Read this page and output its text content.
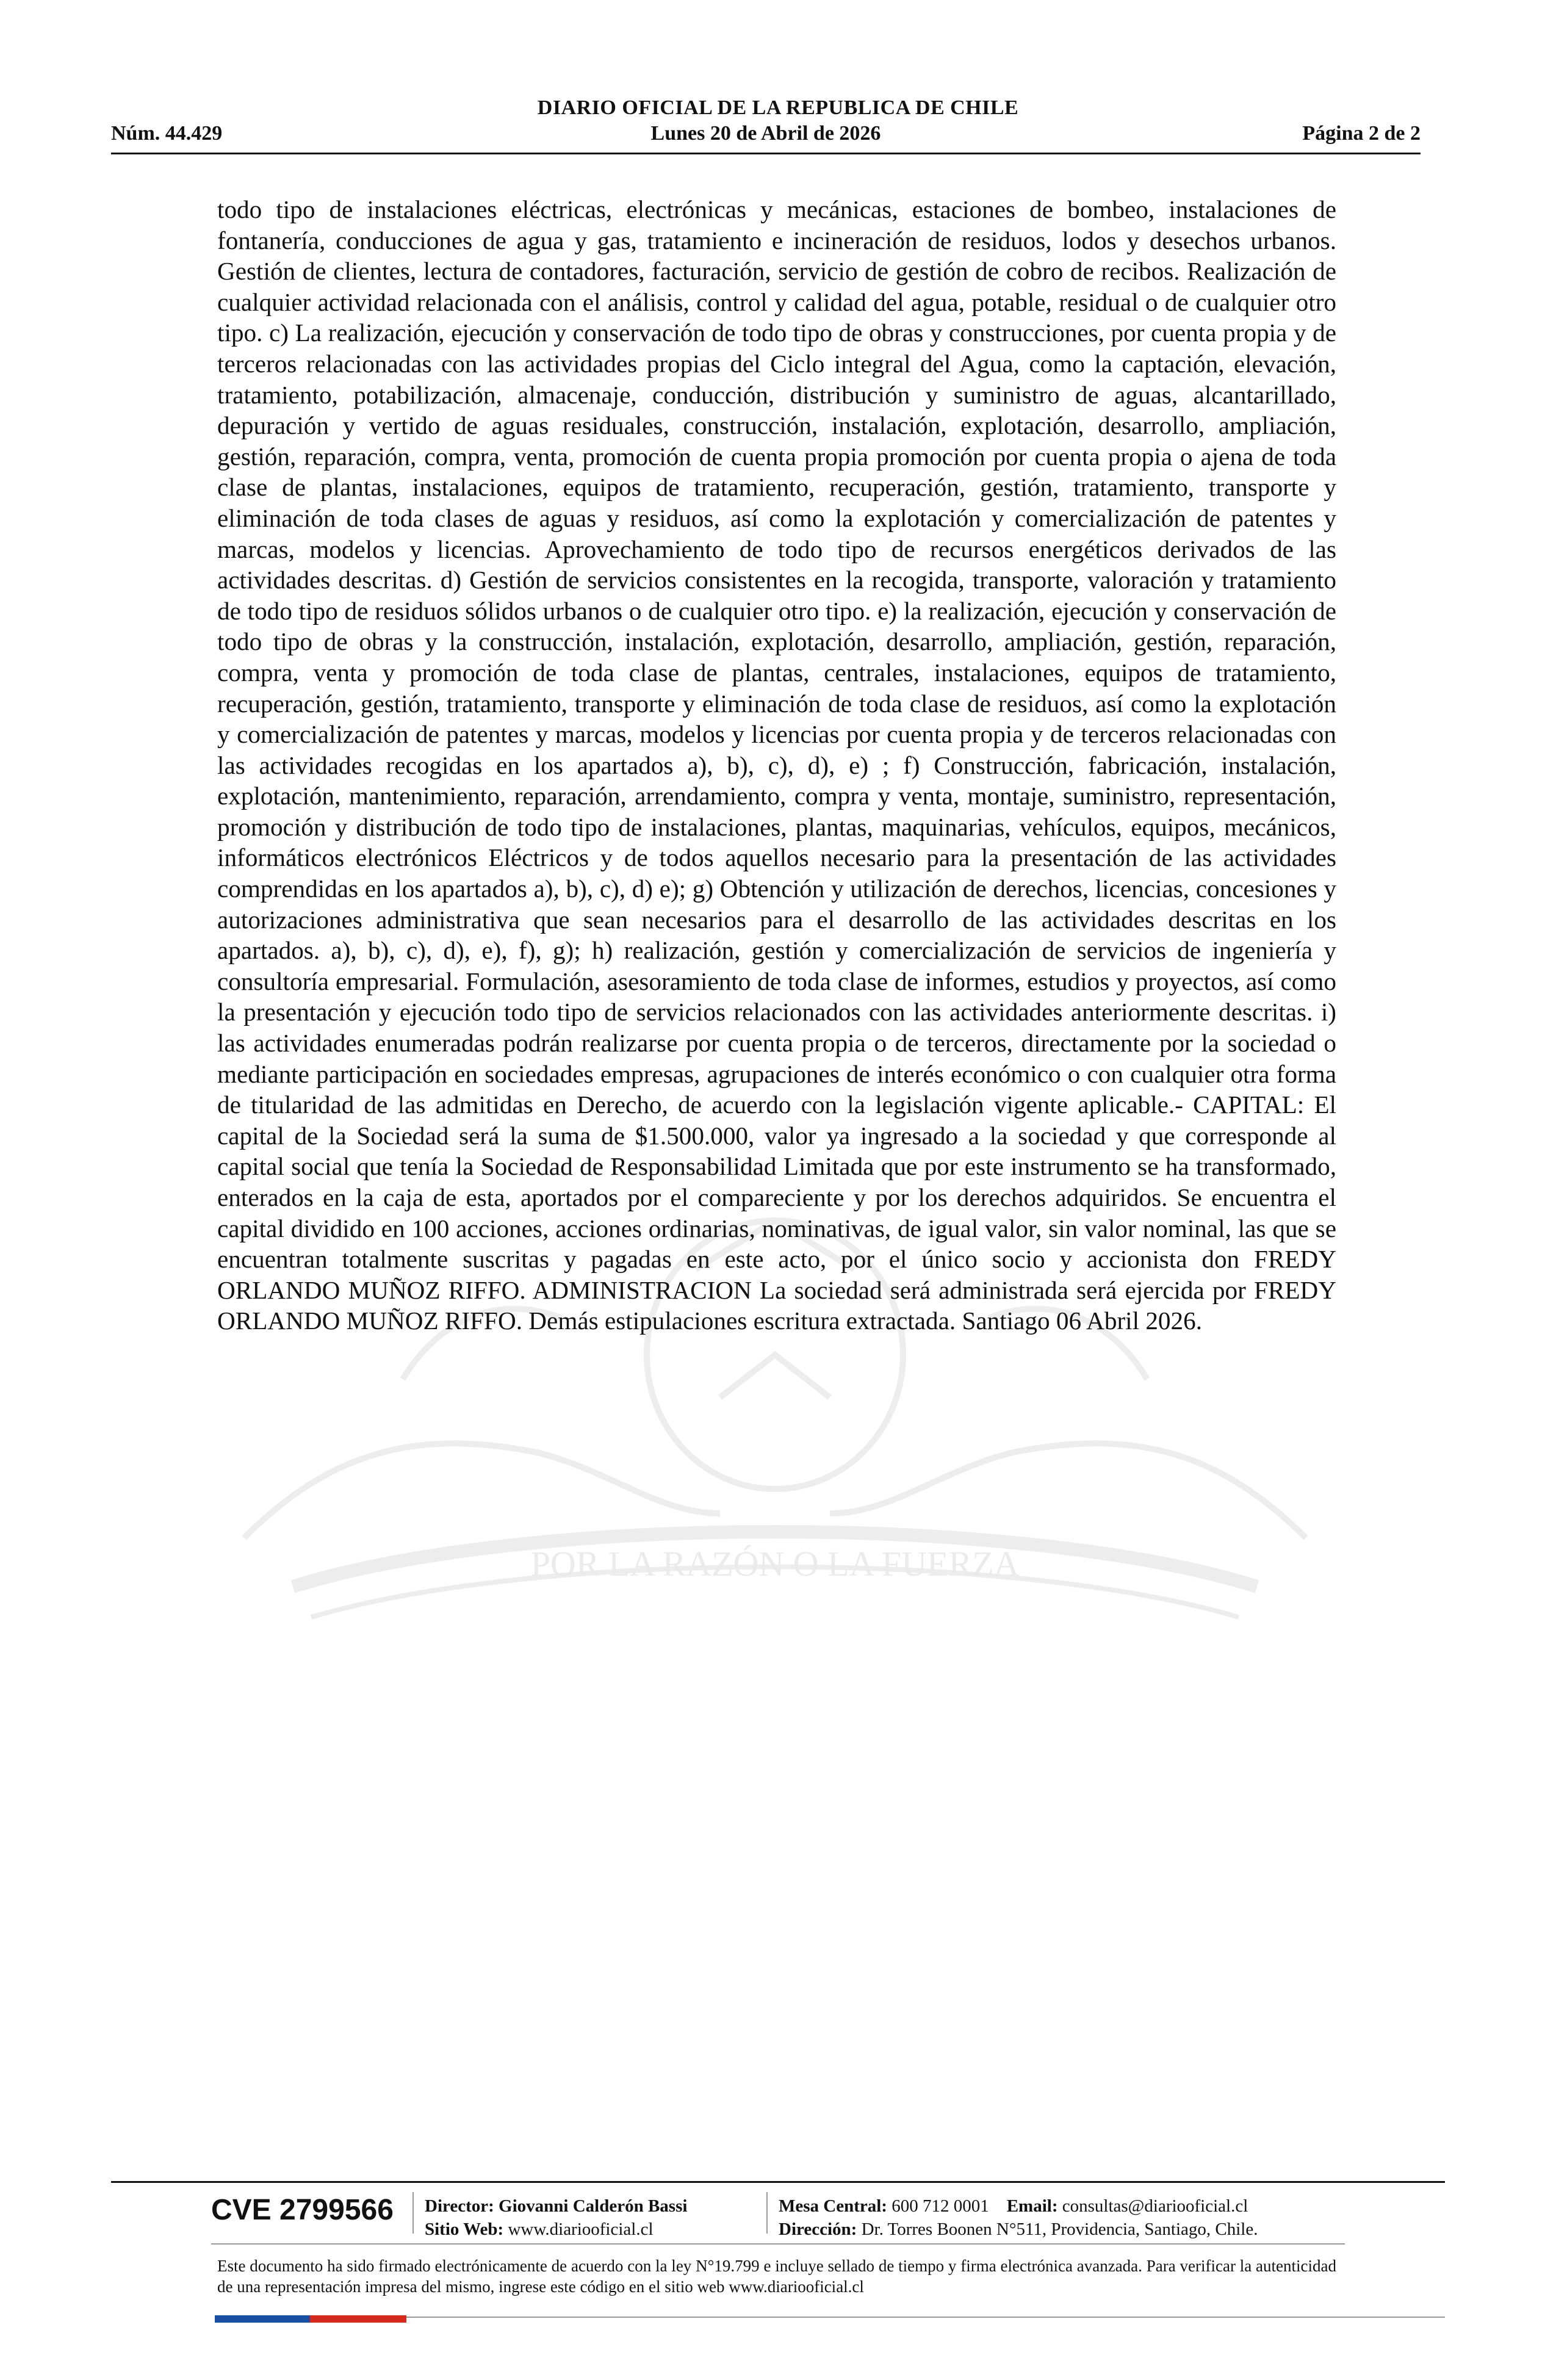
DIARIO OFICIAL DE LA REPUBLICA DE CHILE
Núm. 44.429	Lunes 20 de Abril de 2026	Página 2 de 2
POR LA RAZÓN O LA FUERZA
todo tipo de instalaciones eléctricas, electrónicas y mecánicas, estaciones de bombeo, instalaciones de fontanería, conducciones de agua y gas, tratamiento e incineración de residuos, lodos y desechos urbanos. Gestión de clientes, lectura de contadores, facturación, servicio de gestión de cobro de recibos. Realización de cualquier actividad relacionada con el análisis, control y calidad del agua, potable, residual o de cualquier otro tipo. c) La realización, ejecución y conservación de todo tipo de obras y construcciones, por cuenta propia y de terceros relacionadas con las actividades propias del Ciclo integral del Agua, como la captación, elevación, tratamiento, potabilización, almacenaje, conducción, distribución y suministro de aguas, alcantarillado, depuración y vertido de aguas residuales, construcción, instalación, explotación, desarrollo, ampliación, gestión, reparación, compra, venta, promoción de cuenta propia promoción por cuenta propia o ajena de toda clase de plantas, instalaciones, equipos de tratamiento, recuperación, gestión, tratamiento, transporte y eliminación de toda clases de aguas y residuos, así como la explotación y comercialización de patentes y marcas, modelos y licencias. Aprovechamiento de todo tipo de recursos energéticos derivados de las actividades descritas. d) Gestión de servicios consistentes en la recogida, transporte, valoración y tratamiento de todo tipo de residuos sólidos urbanos o de cualquier otro tipo. e) la realización, ejecución y conservación de todo tipo de obras y la construcción, instalación, explotación, desarrollo, ampliación, gestión, reparación, compra, venta y promoción de toda clase de plantas, centrales, instalaciones, equipos de tratamiento, recuperación, gestión, tratamiento, transporte y eliminación de toda clase de residuos, así como la explotación y comercialización de patentes y marcas, modelos y licencias por cuenta propia y de terceros relacionadas con las actividades recogidas en los apartados a), b), c), d), e) ; f) Construcción, fabricación, instalación, explotación, mantenimiento, reparación, arrendamiento, compra y venta, montaje, suministro, representación, promoción y distribución de todo tipo de instalaciones, plantas, maquinarias, vehículos, equipos, mecánicos, informáticos electrónicos Eléctricos y de todos aquellos necesario para la presentación de las actividades comprendidas en los apartados a), b), c), d) e); g) Obtención y utilización de derechos, licencias, concesiones y autorizaciones administrativa que sean necesarios para el desarrollo de las actividades descritas en los apartados. a), b), c), d), e), f), g); h) realización, gestión y comercialización de servicios de ingeniería y consultoría empresarial. Formulación, asesoramiento de toda clase de informes, estudios y proyectos, así como la presentación y ejecución todo tipo de servicios relacionados con las actividades anteriormente descritas. i) las actividades enumeradas podrán realizarse por cuenta propia o de terceros, directamente por la sociedad o mediante participación en sociedades empresas, agrupaciones de interés económico o con cualquier otra forma de titularidad de las admitidas en Derecho, de acuerdo con la legislación vigente aplicable.- CAPITAL: El capital de la Sociedad será la suma de $1.500.000, valor ya ingresado a la sociedad y que corresponde al capital social que tenía la Sociedad de Responsabilidad Limitada que por este instrumento se ha transformado, enterados en la caja de esta, aportados por el compareciente y por los derechos adquiridos. Se encuentra el capital dividido en 100 acciones, acciones ordinarias, nominativas, de igual valor, sin valor nominal, las que se encuentran totalmente suscritas y pagadas en este acto, por el único socio y accionista don FREDY ORLANDO MUÑOZ RIFFO. ADMINISTRACION La sociedad será administrada será ejercida por FREDY ORLANDO MUÑOZ RIFFO. Demás estipulaciones escritura extractada. Santiago 06 Abril 2026.
CVE 2799566 Director: Giovanni Calderón Bassi
Sitio Web: www.diariooficial.cl
Mesa Central: 600 712 0001 Email: consultas@diariooficial.cl
Dirección: Dr. Torres Boonen N°511, Providencia, Santiago, Chile.
Este documento ha sido firmado electrónicamente de acuerdo con la ley N°19.799 e incluye sellado de tiempo y firma electrónica avanzada. Para verificar la autenticidad de una representación impresa del mismo, ingrese este código en el sitio web www.diariooficial.cl
